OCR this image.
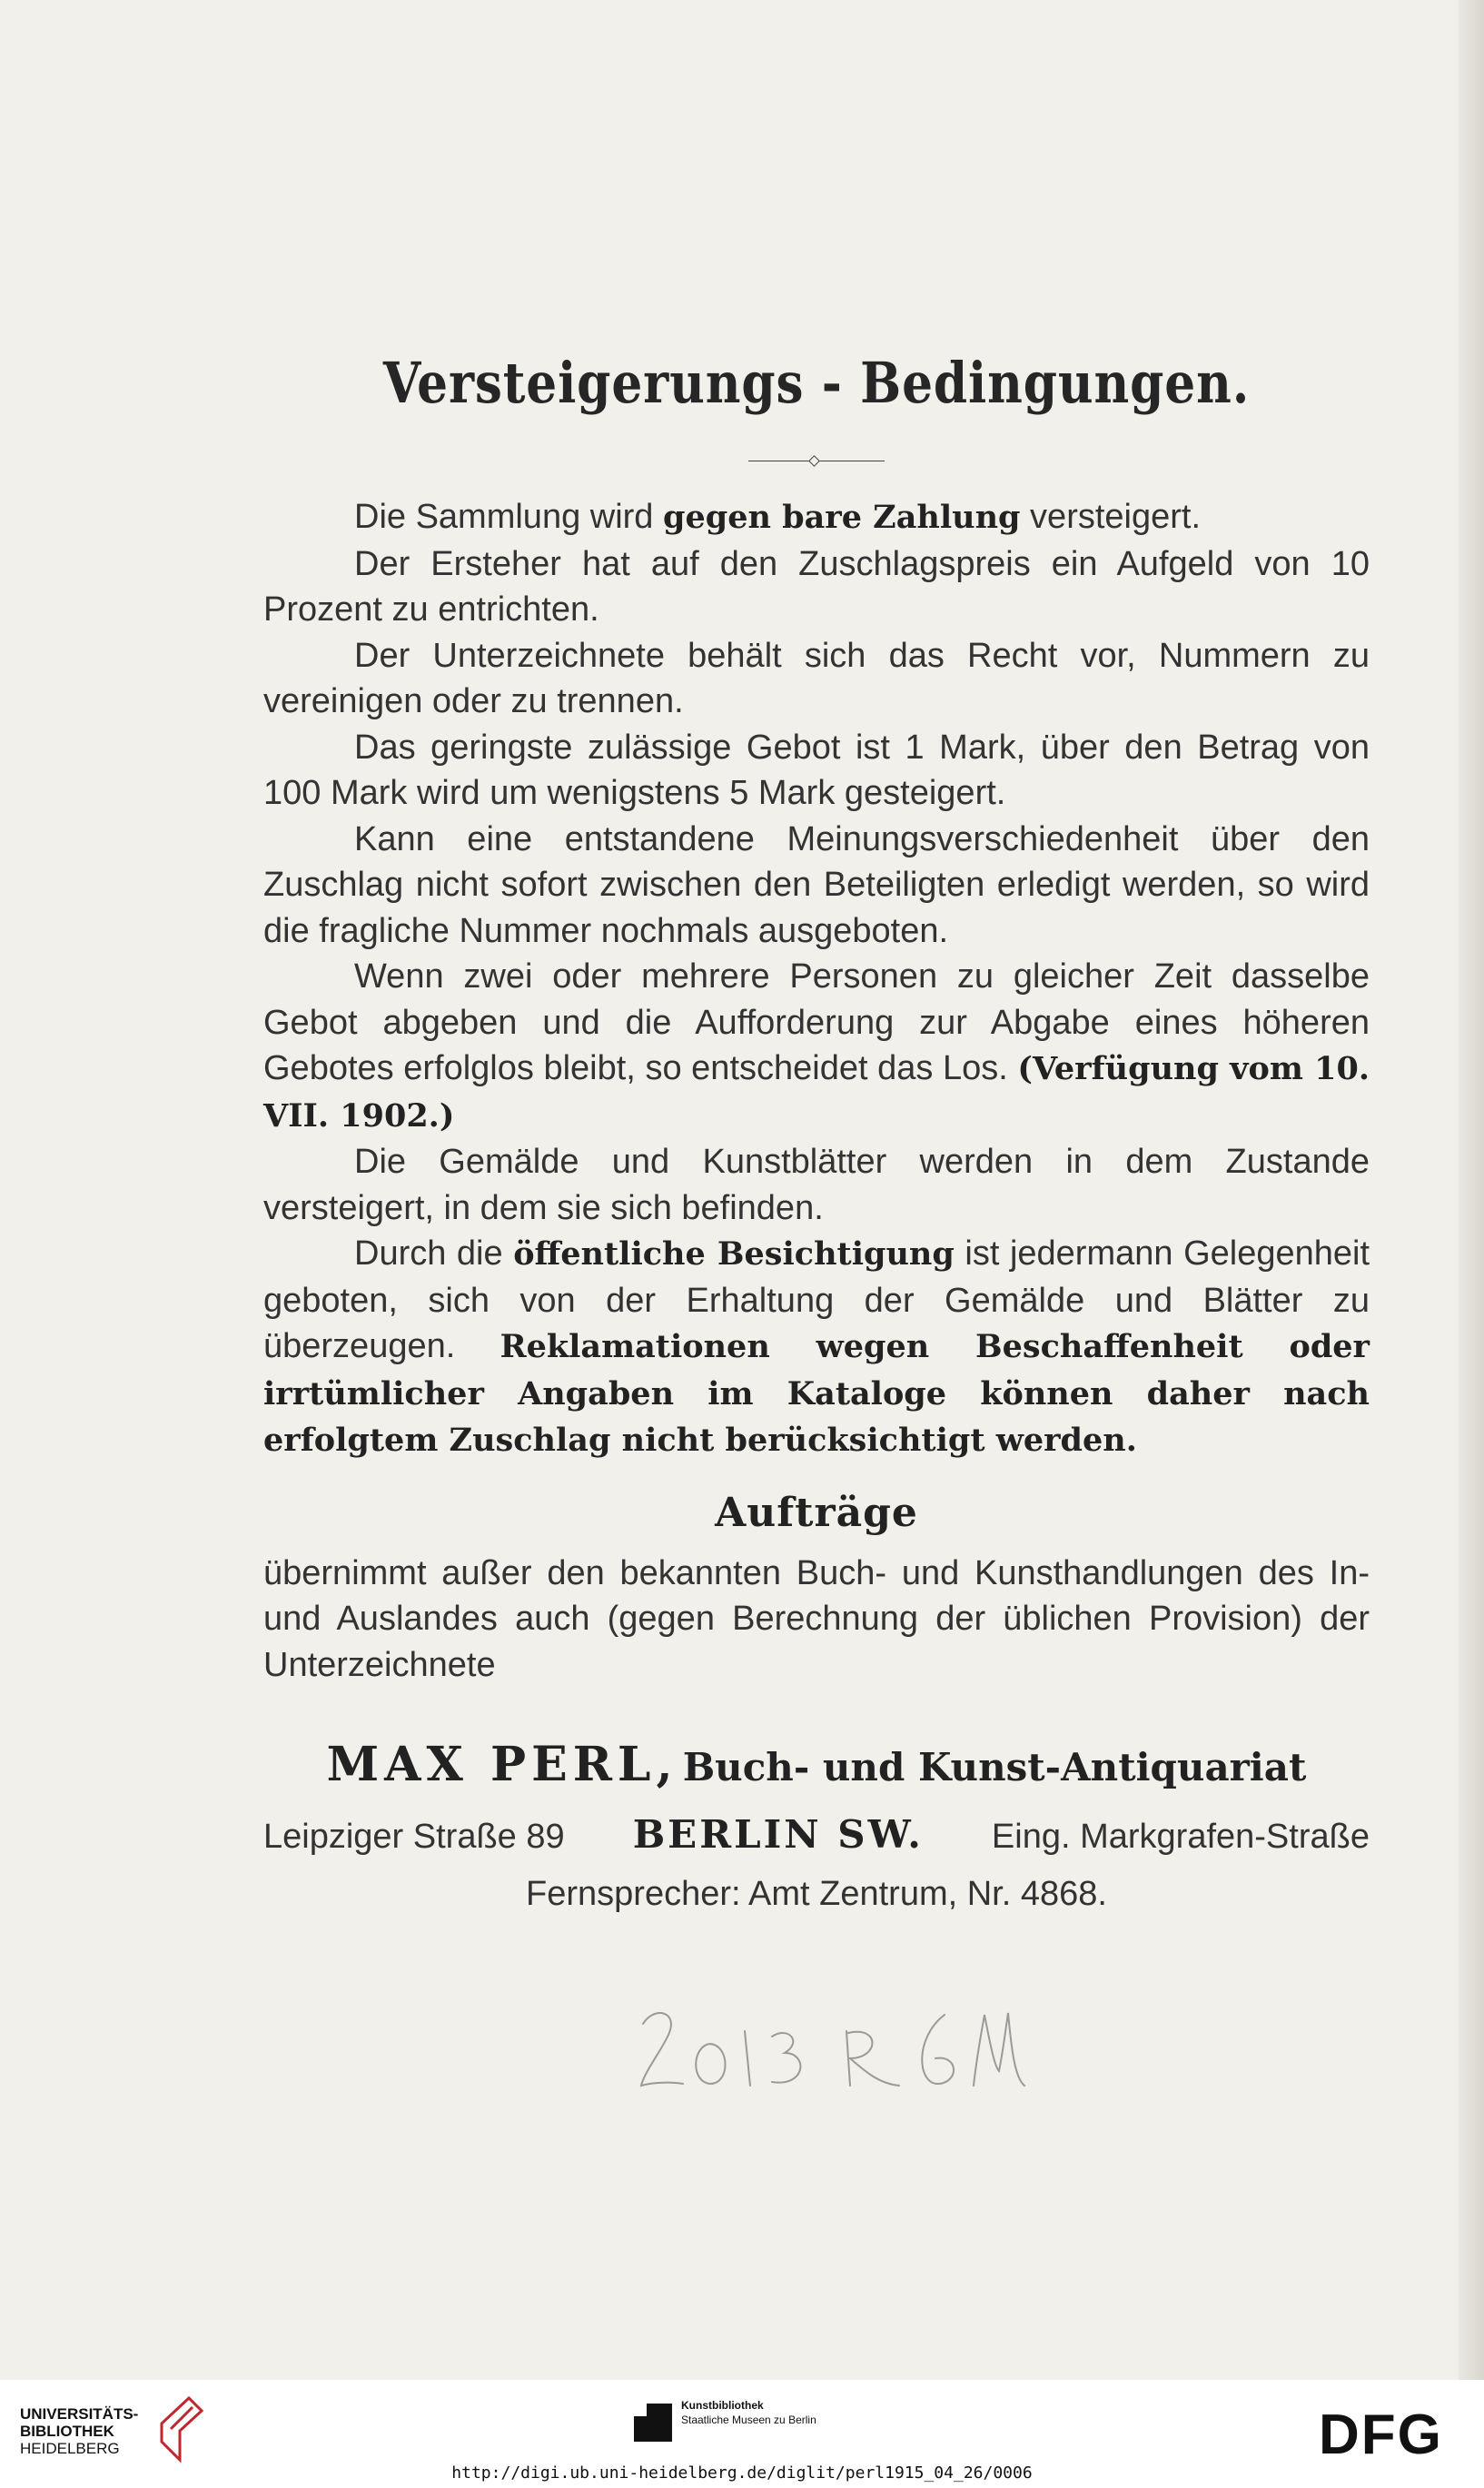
Versteigerungs - Bedingungen.

Die Sammlung wird gegen bare Zahlung versteigert.

Der Ersteher hat auf den Zuschlagspreis ein Aufgeld von 10 Prozent zu entrichten.

Der Unterzeichnete behält sich das Recht vor, Nummern zu vereinigen oder zu trennen.

Das geringste zulässige Gebot ist 1 Mark, über den Betrag von 100 Mark wird um wenigstens 5 Mark gesteigert.

Kann eine entstandene Meinungsverschiedenheit über den Zuschlag nicht sofort zwischen den Beteiligten erledigt werden, so wird die fragliche Nummer nochmals ausgeboten.

Wenn zwei oder mehrere Personen zu gleicher Zeit dasselbe Gebot abgeben und die Aufforderung zur Abgabe eines höheren Gebotes erfolglos bleibt, so entscheidet das Los. (Verfügung vom 10. VII. 1902.)

Die Gemälde und Kunstblätter werden in dem Zustande versteigert, in dem sie sich befinden.

Durch die öffentliche Besichtigung ist jedermann Gelegenheit geboten, sich von der Erhaltung der Gemälde und Blätter zu überzeugen. Reklamationen wegen Beschaffenheit oder irrtümlicher Angaben im Kataloge können daher nach erfolgtem Zuschlag nicht berücksichtigt werden.

Aufträge

übernimmt außer den bekannten Buch- und Kunsthandlungen des In- und Auslandes auch (gegen Berechnung der üblichen Provision) der Unterzeichnete

MAX PERL, Buch- und Kunst-Antiquariat
Leipziger Straße 89 BERLIN SW. Eing. Markgrafen-Straße
Fernsprecher: Amt Zentrum, Nr. 4868.
UNIVERSITÄTS-
BIBLIOTHEK
HEIDELBERG
Kunstbibliothek
Staatliche Museen zu Berlin	DFG
http://digi.ub.uni-heidelberg.de/diglit/perl1915_04_26/0006
